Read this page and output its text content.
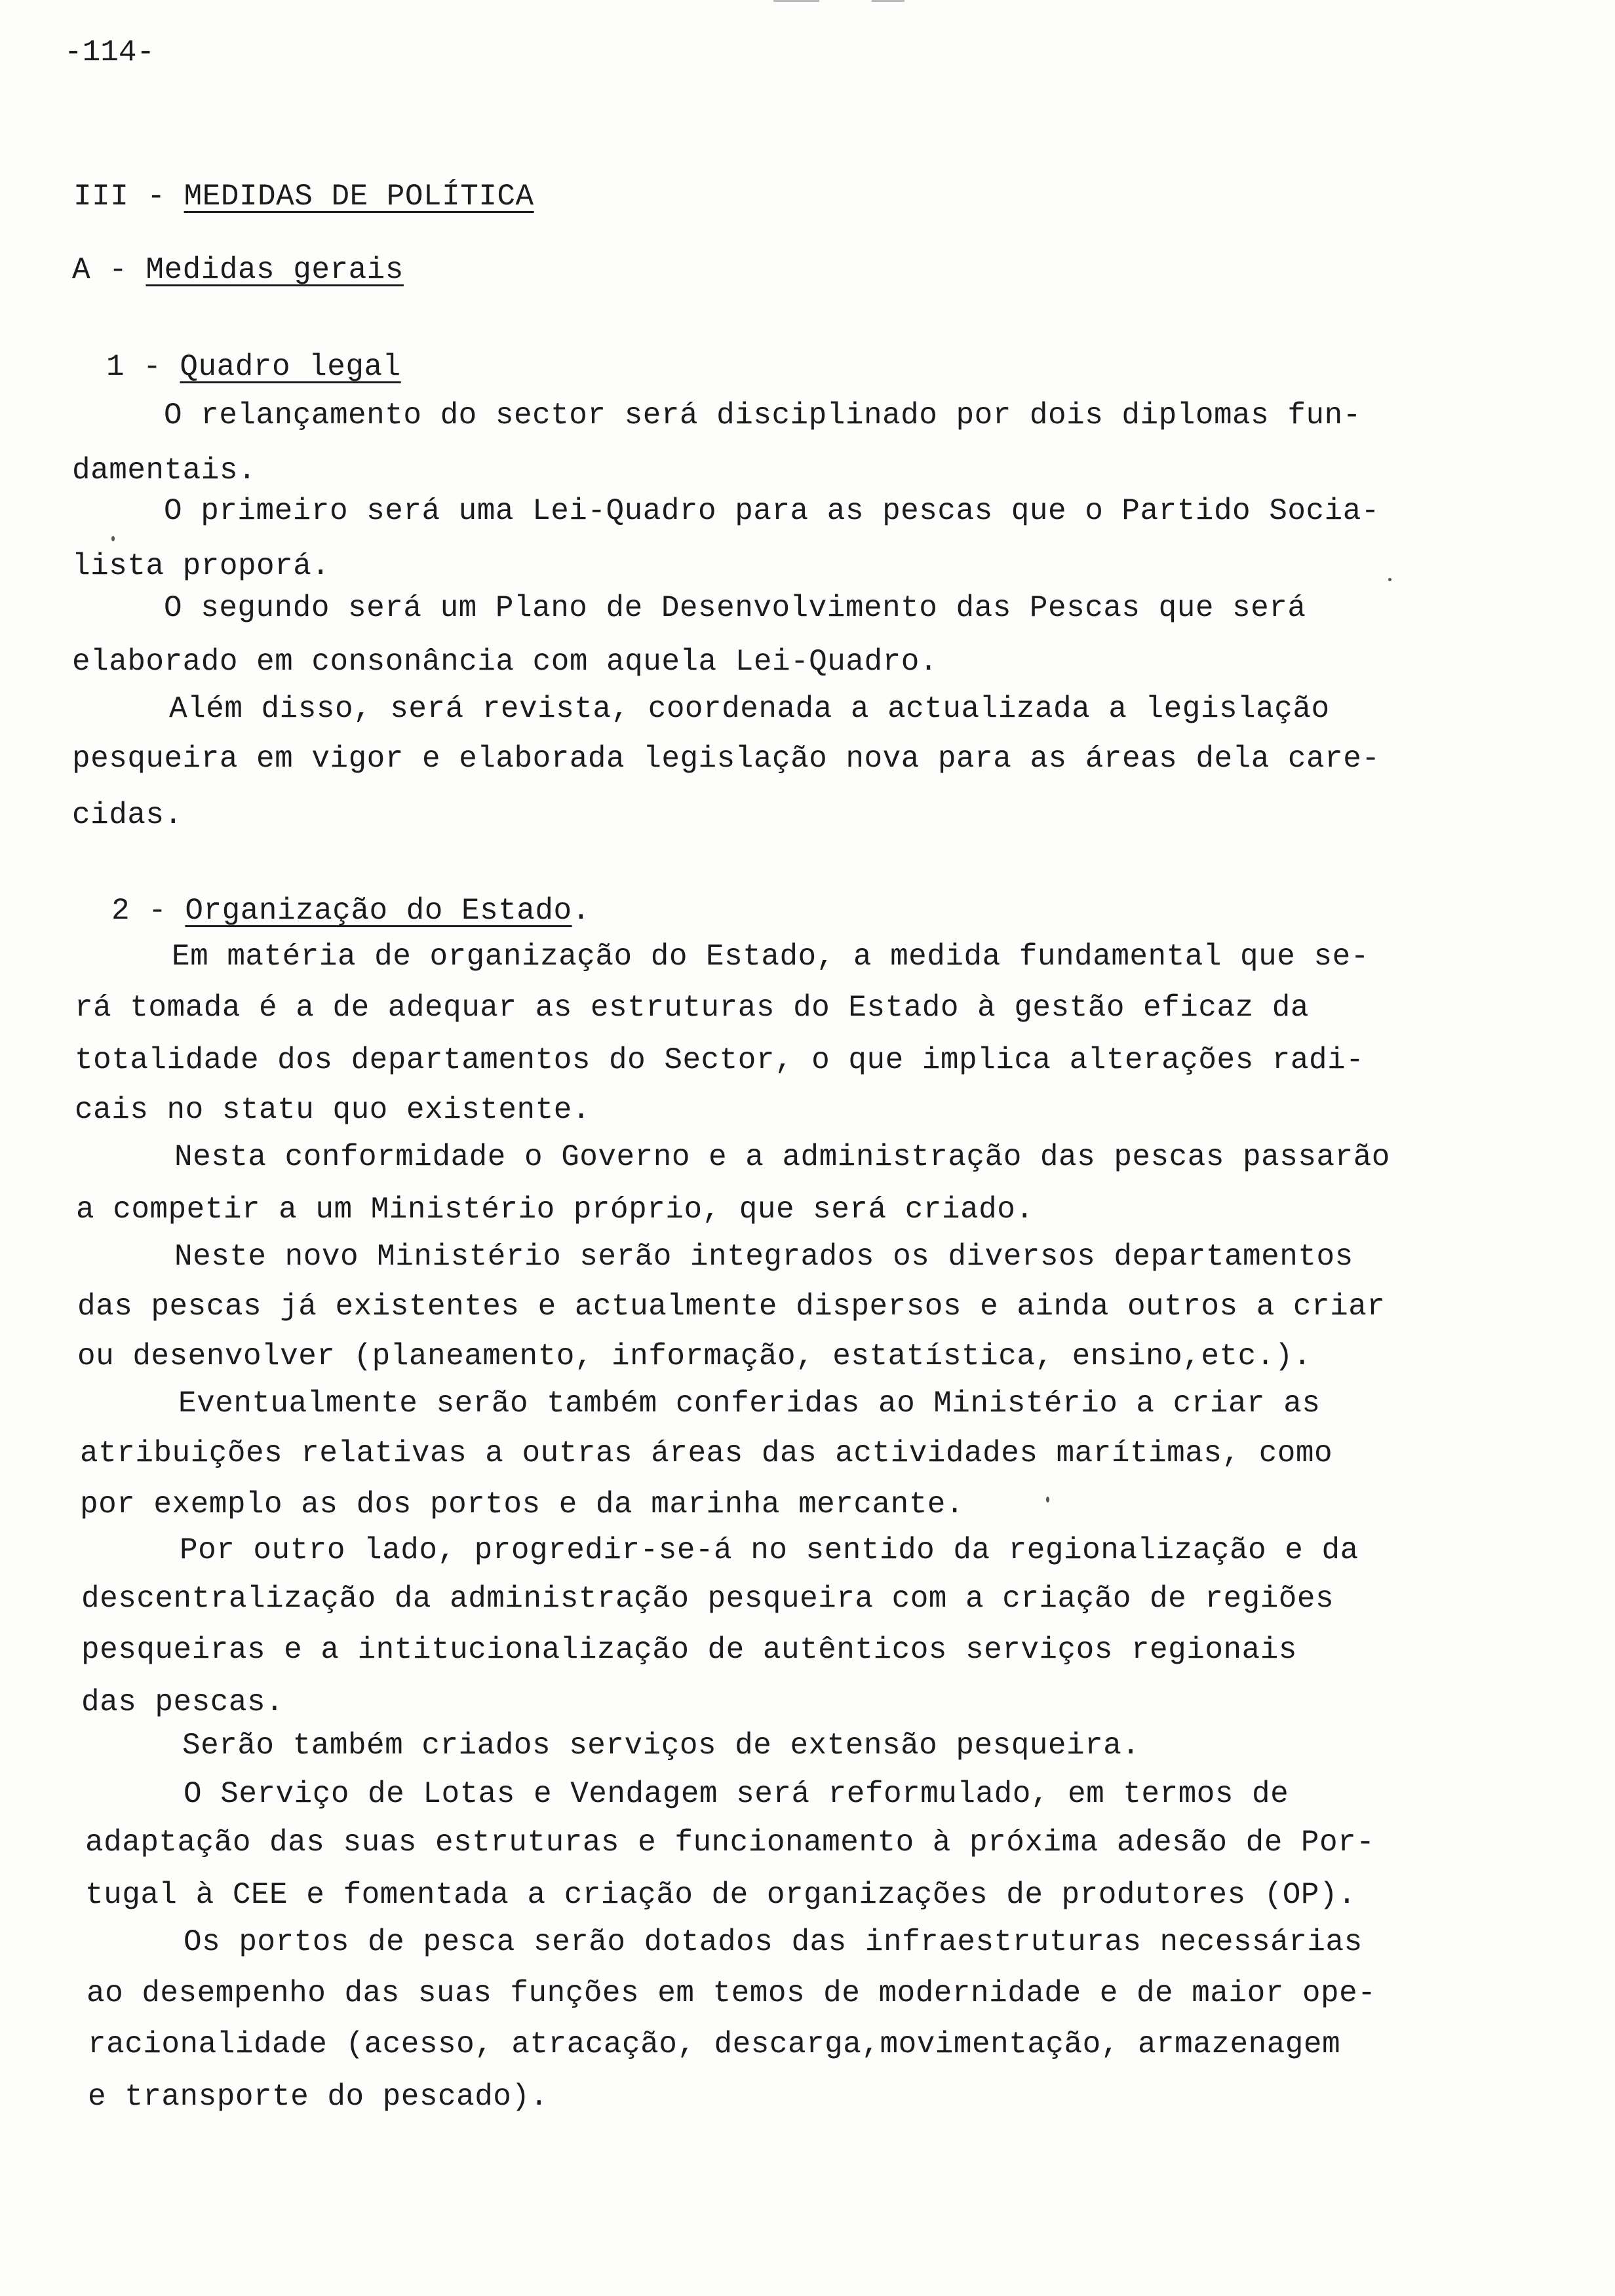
-114-
III - MEDIDAS DE POLÍTICA
A - Medidas gerais
1 - Quadro legal
O relançamento do sector será disciplinado por dois diplomas fun-
damentais.
O primeiro será uma Lei-Quadro para as pescas que o Partido Socia-
lista proporá.
O segundo será um Plano de Desenvolvimento das Pescas que será
elaborado em consonância com aquela Lei-Quadro.
Além disso, será revista, coordenada a actualizada a legislação
pesqueira em vigor e elaborada legislação nova para as áreas dela care-
cidas.
2 - Organização do Estado.
Em matéria de organização do Estado, a medida fundamental que se-
rá tomada é a de adequar as estruturas do Estado à gestão eficaz da
totalidade dos departamentos do Sector, o que implica alterações radi-
cais no statu quo existente.
Nesta conformidade o Governo e a administração das pescas passarão
a competir a um Ministério próprio, que será criado.
Neste novo Ministério serão integrados os diversos departamentos
das pescas já existentes e actualmente dispersos e ainda outros a criar
ou desenvolver (planeamento, informação, estatística, ensino,etc.).
Eventualmente serão também conferidas ao Ministério a criar as
atribuições relativas a outras áreas das actividades marítimas, como
por exemplo as dos portos e da marinha mercante.
Por outro lado, progredir-se-á no sentido da regionalização e da
descentralização da administração pesqueira com a criação de regiões
pesqueiras e a intitucionalização de autênticos serviços regionais
das pescas.
Serão também criados serviços de extensão pesqueira.
O Serviço de Lotas e Vendagem será reformulado, em termos de
adaptação das suas estruturas e funcionamento à próxima adesão de Por-
tugal à CEE e fomentada a criação de organizações de produtores (OP).
Os portos de pesca serão dotados das infraestruturas necessárias
ao desempenho das suas funções em temos de modernidade e de maior ope-
racionalidade (acesso, atracação, descarga,movimentação, armazenagem
e transporte do pescado).
